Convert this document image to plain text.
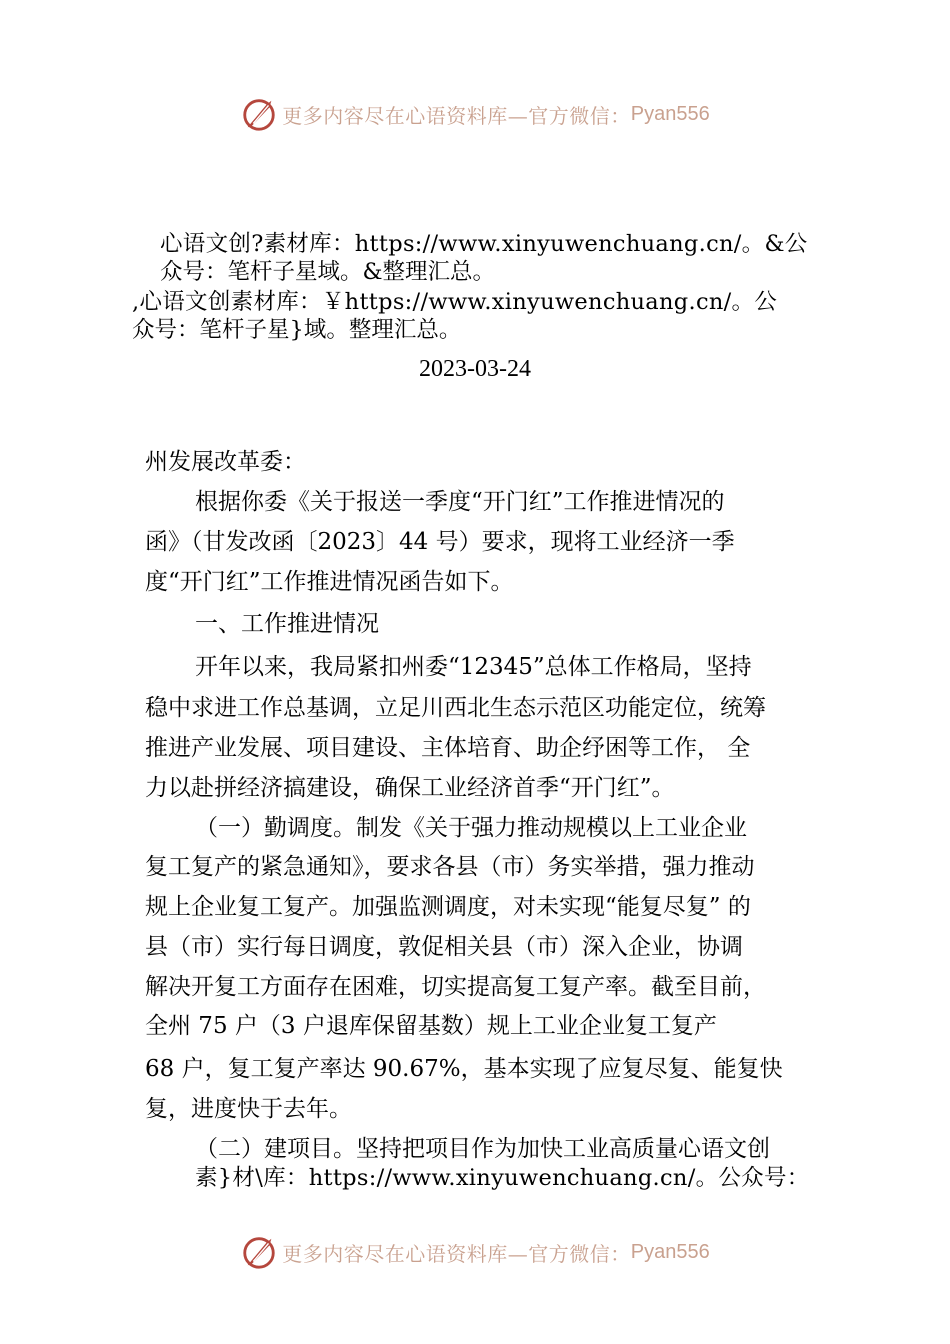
更多内容尽在心语资料库—官方微信： Pyan556
心语文创?素材库：https://www.xinyuwenchuang.cn/。&公
众号：笔杆子星域。&整理汇总。
,心语文创素材库：￥https://www.xinyuwenchuang.cn/。公
众号：笔杆子星}域。整理汇总。
2023-03-24
州发展改革委：
根据你委《关于报送一季度“开门红”工作推进情况的
函》（甘发改函〔2023〕44 号）要求，现将工业经济一季
度“开门红”工作推进情况函告如下。
一、工作推进情况
开年以来，我局紧扣州委“12345”总体工作格局，坚持
稳中求进工作总基调，立足川西北生态示范区功能定位，统筹
推进产业发展、项目建设、主体培育、助企纾困等工作， 全
力以赴拼经济搞建设，确保工业经济首季“开门红”。
（一）勤调度。制发《关于强力推动规模以上工业企业
复工复产的紧急通知》，要求各县（市）务实举措，强力推动
规上企业复工复产。加强监测调度，对未实现“能复尽复” 的
县（市）实行每日调度，敦促相关县（市）深入企业，协调
解决开复工方面存在困难，切实提高复工复产率。截至目前，
全州 75 户（3 户退库保留基数）规上工业企业复工复产
68 户，复工复产率达 90.67%，基本实现了应复尽复、能复快
复，进度快于去年。
（二）建项目。坚持把项目作为加快工业高质量心语文创
素}材\库：https://www.xinyuwenchuang.cn/。公众号：
更多内容尽在心语资料库—官方微信： Pyan556
